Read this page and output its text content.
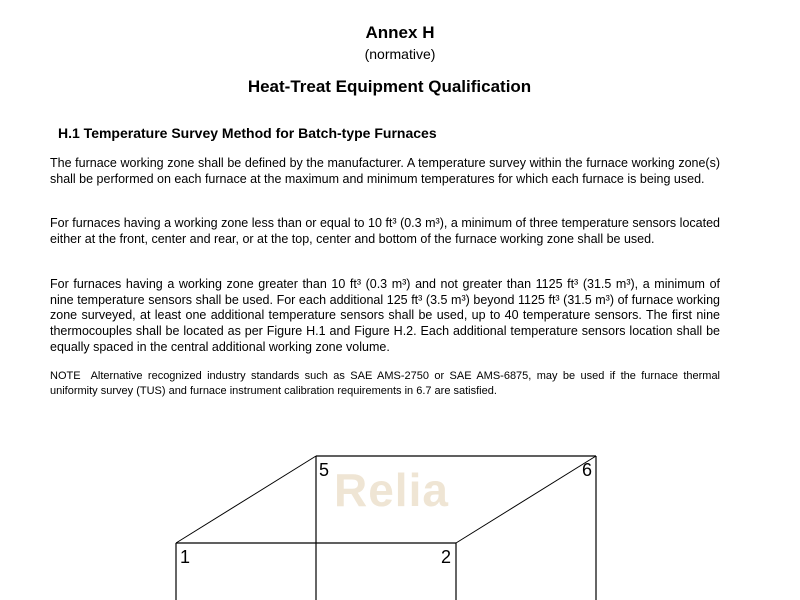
Annex H
(normative)
Heat-Treat Equipment Qualification
H.1 Temperature Survey Method for Batch-type Furnaces

The furnace working zone shall be defined by the manufacturer. A temperature survey within the furnace working zone(s) shall be performed on each furnace at the maximum and minimum temperatures for which each furnace is being used.

For furnaces having a working zone less than or equal to 10 ft³ (0.3 m³), a minimum of three temperature sensors located either at the front, center and rear, or at the top, center and bottom of the furnace working zone shall be used.

For furnaces having a working zone greater than 10 ft³ (0.3 m³) and not greater than 1125 ft³ (31.5 m³), a minimum of nine temperature sensors shall be used. For each additional 125 ft³ (3.5 m³) beyond 1125 ft³ (31.5 m³) of furnace working zone surveyed, at least one additional temperature sensors shall be used, up to 40 temperature sensors. The first nine thermocouples shall be located as per Figure H.1 and Figure H.2. Each additional temperature sensors location shall be equally spaced in the central additional working zone volume.

NOTE Alternative recognized industry standards such as SAE AMS-2750 or SAE AMS-6875, may be used if the furnace thermal uniformity survey (TUS) and furnace instrument calibration requirements in 6.7 are satisfied.

Relia
5	6
1	2
